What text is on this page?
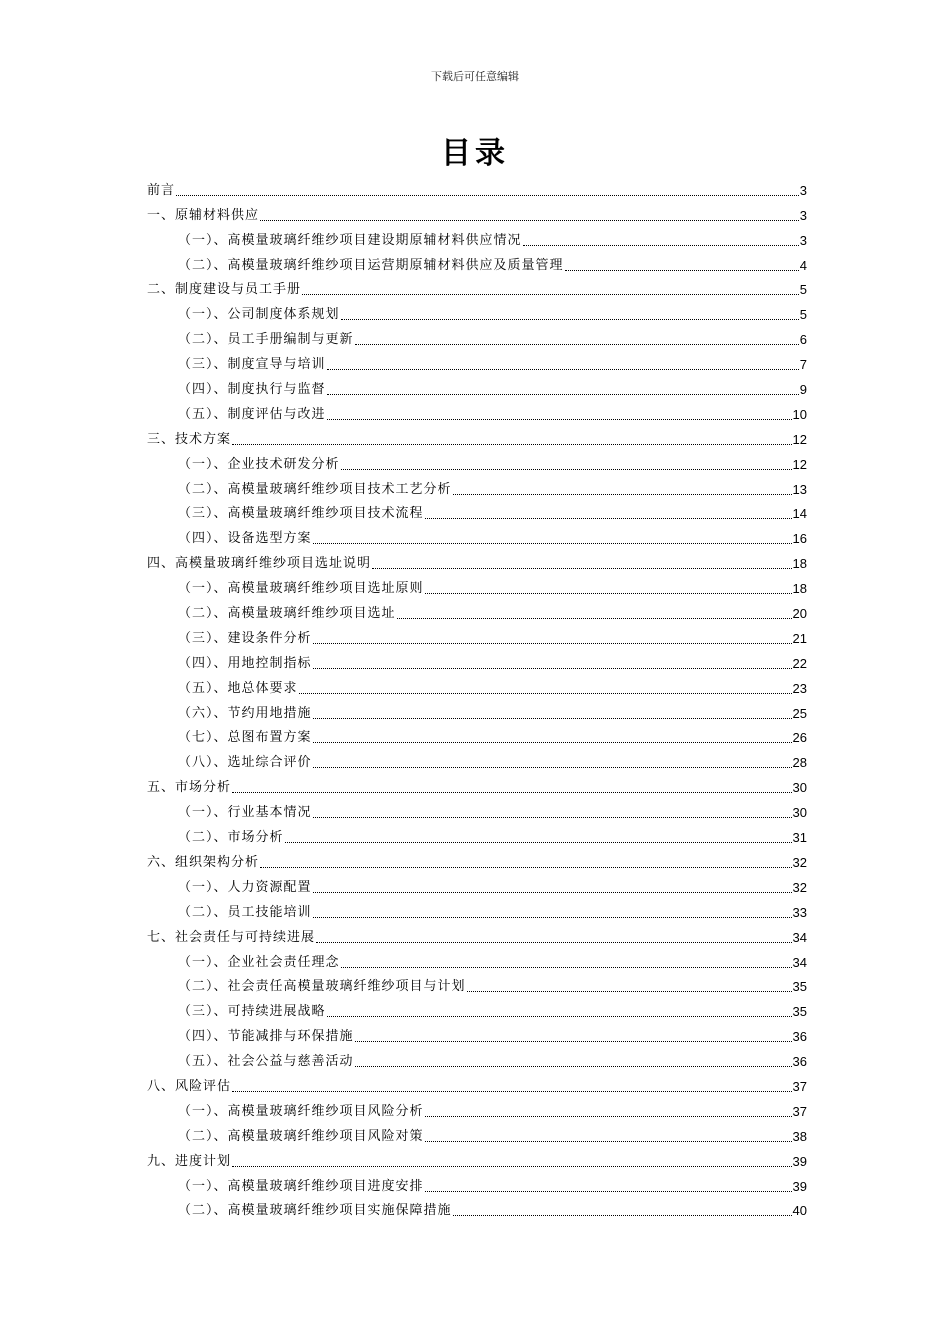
下载后可任意编辑
目录
前言	3
一、原辅材料供应	3
（一）、高模量玻璃纤维纱项目建设期原辅材料供应情况	3
（二）、高模量玻璃纤维纱项目运营期原辅材料供应及质量管理	4
二、制度建设与员工手册	5
（一）、公司制度体系规划	5
（二）、员工手册编制与更新	6
（三）、制度宣导与培训	7
（四）、制度执行与监督	9
（五）、制度评估与改进	10
三、技术方案	12
（一）、企业技术研发分析	12
（二）、高模量玻璃纤维纱项目技术工艺分析	13
（三）、高模量玻璃纤维纱项目技术流程	14
（四）、设备选型方案	16
四、高模量玻璃纤维纱项目选址说明	18
（一）、高模量玻璃纤维纱项目选址原则	18
（二）、高模量玻璃纤维纱项目选址	20
（三）、建设条件分析	21
（四）、用地控制指标	22
（五）、地总体要求	23
（六）、节约用地措施	25
（七）、总图布置方案	26
（八）、选址综合评价	28
五、市场分析	30
（一）、行业基本情况	30
（二）、市场分析	31
六、组织架构分析	32
（一）、人力资源配置	32
（二）、员工技能培训	33
七、社会责任与可持续进展	34
（一）、企业社会责任理念	34
（二）、社会责任高模量玻璃纤维纱项目与计划	35
（三）、可持续进展战略	35
（四）、节能减排与环保措施	36
（五）、社会公益与慈善活动	36
八、风险评估	37
（一）、高模量玻璃纤维纱项目风险分析	37
（二）、高模量玻璃纤维纱项目风险对策	38
九、进度计划	39
（一）、高模量玻璃纤维纱项目进度安排	39
（二）、高模量玻璃纤维纱项目实施保障措施	40
